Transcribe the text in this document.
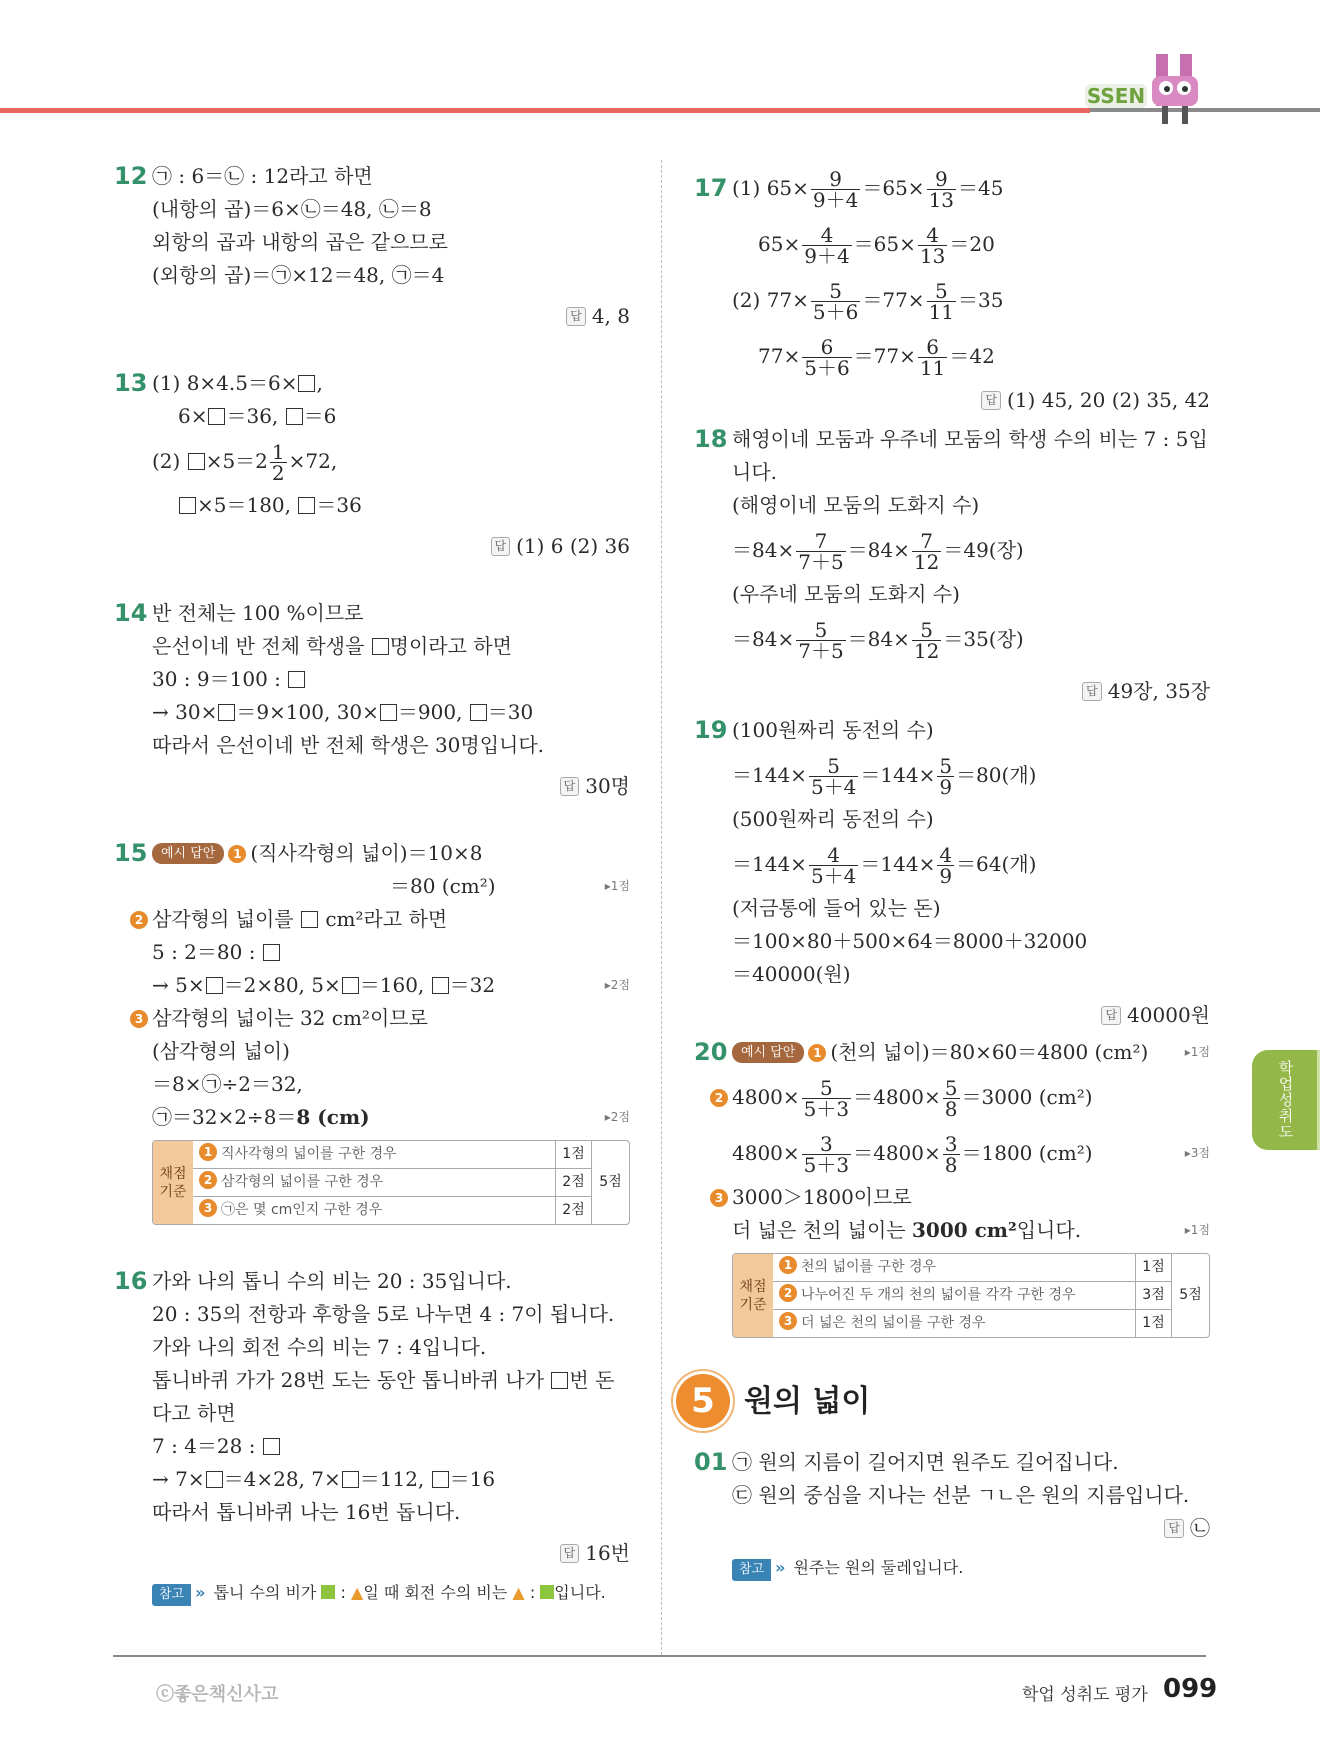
SSEN
12 ㉠ : 6＝㉡ : 12라고 하면
(내항의 곱)＝6×㉡＝48, ㉡＝8
외항의 곱과 내항의 곱은 같으므로
(외항의 곱)＝㉠×12＝48, ㉠＝4
답 4, 8
13 (1) 8×4.5＝6× ,
6× ＝36, ＝6
$(2) \times 5=2 \frac{1}{2} \times 72$,
×5＝180, ＝36
답 (1) 6 (2) 36
14 반 전체는 100 %이므로
은선이네 반 전체 학생을 명이라고 하면
30 : 9＝100 :
→ 30× ＝9×100, 30× ＝900, ＝30
따라서 은선이네 반 전체 학생은 30명입니다.
답 30명
15	예시 답안 1 (직사각형의 넓이)＝10×8
＝80 (cm²)	▸1점
2 삼각형의 넓이를  cm²라고 하면
5 : 2＝80 :
→ 5× ＝2×80, 5× ＝160, ＝32	▸2점
3 삼각형의 넓이는 32 cm²이므로
(삼각형의 넓이)
＝8×㉠÷2＝32,
㉠＝32×2÷8＝8 (cm)	▸2점
채점 기준
1 직사각형의 넓이를 구한 경우	1점
2 삼각형의 넓이를 구한 경우	2점
3 ㉠은 몇 cm인지 구한 경우	2점
5점
16 가와 나의 톱니 수의 비는 20 : 35입니다.
20 : 35의 전항과 후항을 5로 나누면 4 : 7이 됩니다.
가와 나의 회전 수의 비는 7 : 4입니다.
톱니바퀴 가가 28번 도는 동안 톱니바퀴 나가 번 돈
다고 하면
7 : 4＝28 :
→ 7× ＝4×28, 7× ＝112, ＝16
따라서 톱니바퀴 나는 16번 돕니다.
답 16번
참고 » 톱니 수의 비가  : ▲일 때 회전 수의 비는 ▲ : 입니다.
17 (1) $65\times \frac{9}{9+4} =65\times \frac{9}{13} =45$
$65\times \frac{4}{9+4} =65\times \frac{4}{13} =20$
(2) $77\times \frac{5}{5+6} =77\times \frac{5}{11} =35$
$77\times \frac{6}{5+6} =77\times \frac{6}{11} =42$
답 (1) 45, 20 (2) 35, 42
18 해영이네 모둠과 우주네 모둠의 학생 수의 비는 7 : 5입
니다.
(해영이네 모둠의 도화지 수)
$=84\times \frac{7}{7+5} =84\times \frac{7}{12} =49$(장)
(우주네 모둠의 도화지 수)
$=84\times \frac{5}{7+5} =84\times \frac{5}{12} =35$(장)
답 49장, 35장
19 (100원짜리 동전의 수)
$=144\times \frac{5}{5+4} =144\times \frac{5}{9} =80$(개)
(500원짜리 동전의 수)
$=144\times \frac{4}{5+4} =144\times \frac{4}{9} =64$(개)
(저금통에 들어 있는 돈)
＝100×80＋500×64＝8000＋32000
＝40000(원)
답 40000원
20	예시 답안 1 (천의 넓이)＝80×60＝4800 (cm²)	▸1점
2 $4800\times \frac{5}{5+3} =4800\times \frac{5}{8} =3000$ (cm²)
$4800\times \frac{3}{5+3} =4800\times \frac{3}{8} =1800$ (cm²)	▸3점
3 3000＞1800이므로
더 넓은 천의 넓이는 3000 cm²입니다.	▸1점
채점 기준
1 천의 넓이를 구한 경우	1점
2 나누어진 두 개의 천의 넓이를 각각 구한 경우	3점
3 더 넓은 천의 넓이를 구한 경우	1점
5점
5 원의 넓이
01 ㉠ 원의 지름이 길어지면 원주도 길어집니다.
㉢ 원의 중심을 지나는 선분 ㄱㄴ은 원의 지름입니다.
답 ㉡
참고 » 원주는 원의 둘레입니다.
학업성취도
ⓒ좋은책신사고	학업 성취도 평가 099
